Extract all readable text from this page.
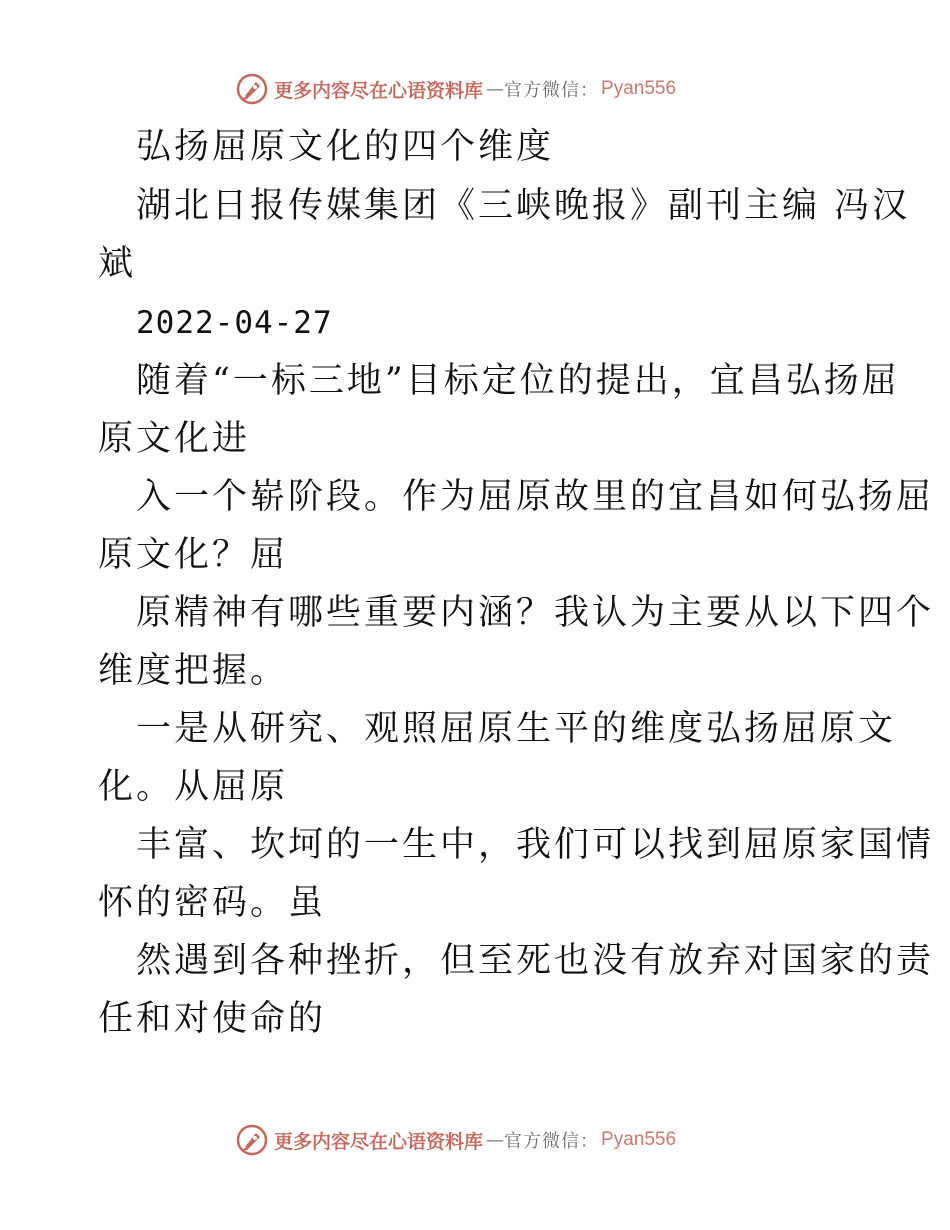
更多内容尽在心语资料库 — 官方微信： Pyan556
弘扬屈原文化的四个维度
湖北日报传媒集团《三峡晚报》副刊主编 冯汉
斌
2022-04-27
随着“一标三地”目标定位的提出，宜昌弘扬屈
原文化进
入一个崭阶段。作为屈原故里的宜昌如何弘扬屈
原文化？屈
原精神有哪些重要内涵？我认为主要从以下四个
维度把握。
一是从研究、观照屈原生平的维度弘扬屈原文
化。从屈原
丰富、坎坷的一生中，我们可以找到屈原家国情
怀的密码。虽
然遇到各种挫折，但至死也没有放弃对国家的责
任和对使命的
更多内容尽在心语资料库 — 官方微信： Pyan556
